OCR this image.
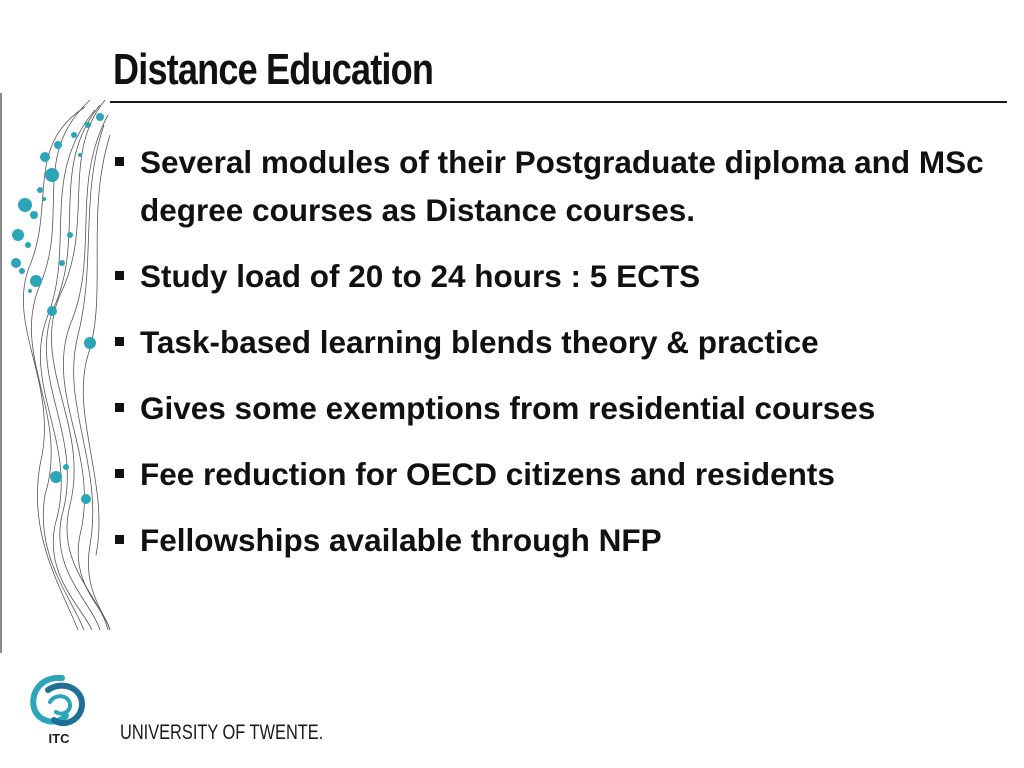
Distance Education
Several modules of their Postgraduate diploma and MSc degree courses as Distance courses.
Study load of 20 to 24 hours : 5 ECTS
Task-based learning blends theory & practice
Gives some exemptions from residential courses
Fee reduction for OECD citizens and residents
Fellowships available through NFP
ITC UNIVERSITY OF TWENTE.
